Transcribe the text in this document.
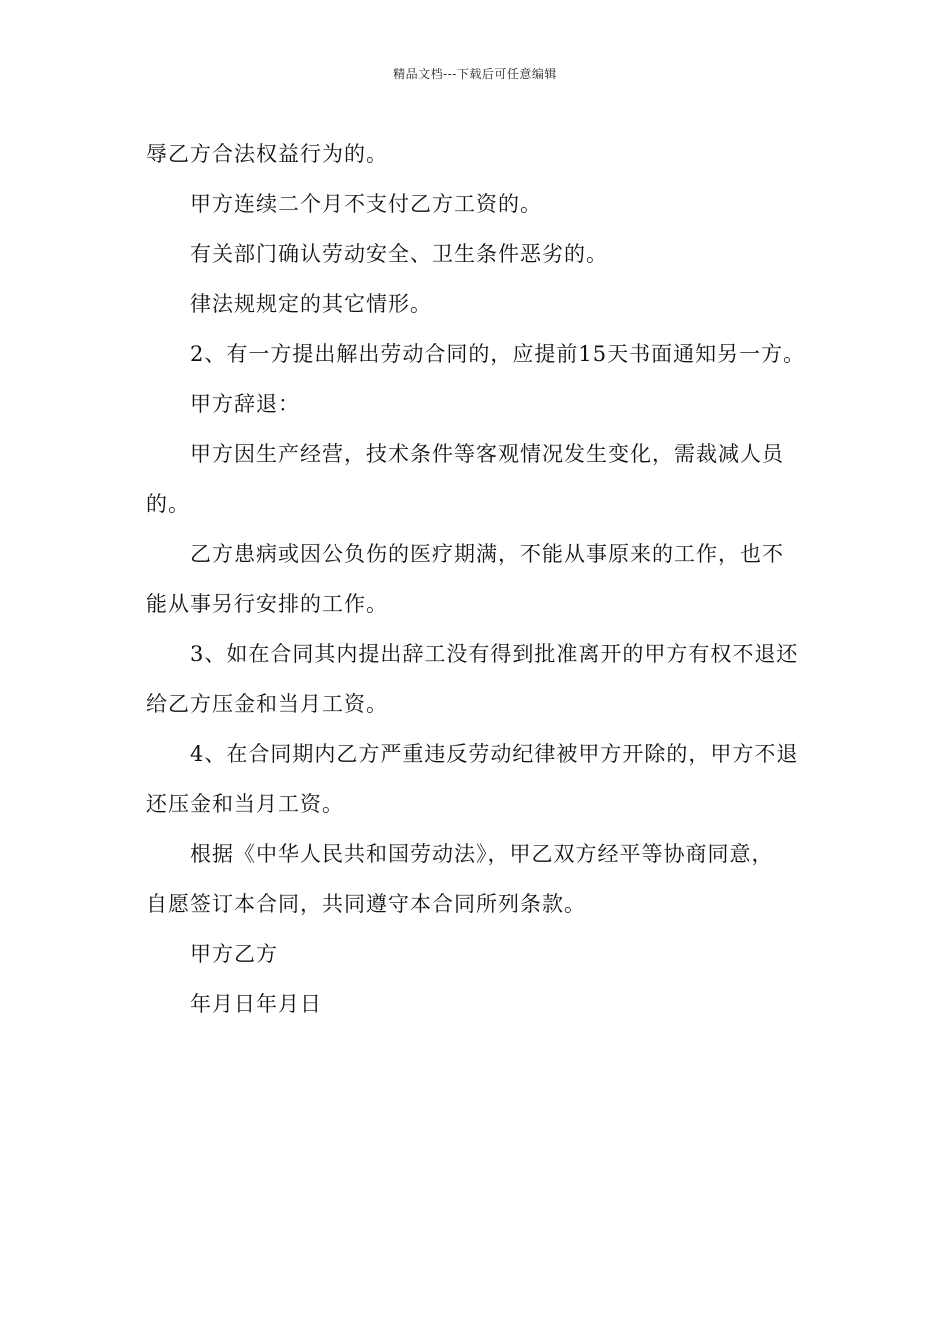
精品文档---下载后可任意编辑

辱乙方合法权益行为的。

甲方连续二个月不支付乙方工资的。

有关部门确认劳动安全、卫生条件恶劣的。

律法规规定的其它情形。

2、有一方提出解出劳动合同的，应提前15天书面通知另一方。

甲方辞退：

甲方因生产经营，技术条件等客观情况发生变化，需裁减人员

的。

乙方患病或因公负伤的医疗期满，不能从事原来的工作，也不

能从事另行安排的工作。

3、如在合同其内提出辞工没有得到批准离开的甲方有权不退还

给乙方压金和当月工资。

4、在合同期内乙方严重违反劳动纪律被甲方开除的，甲方不退

还压金和当月工资。

根据《中华人民共和国劳动法》，甲乙双方经平等协商同意，

自愿签订本合同，共同遵守本合同所列条款。

甲方乙方

年月日年月日
